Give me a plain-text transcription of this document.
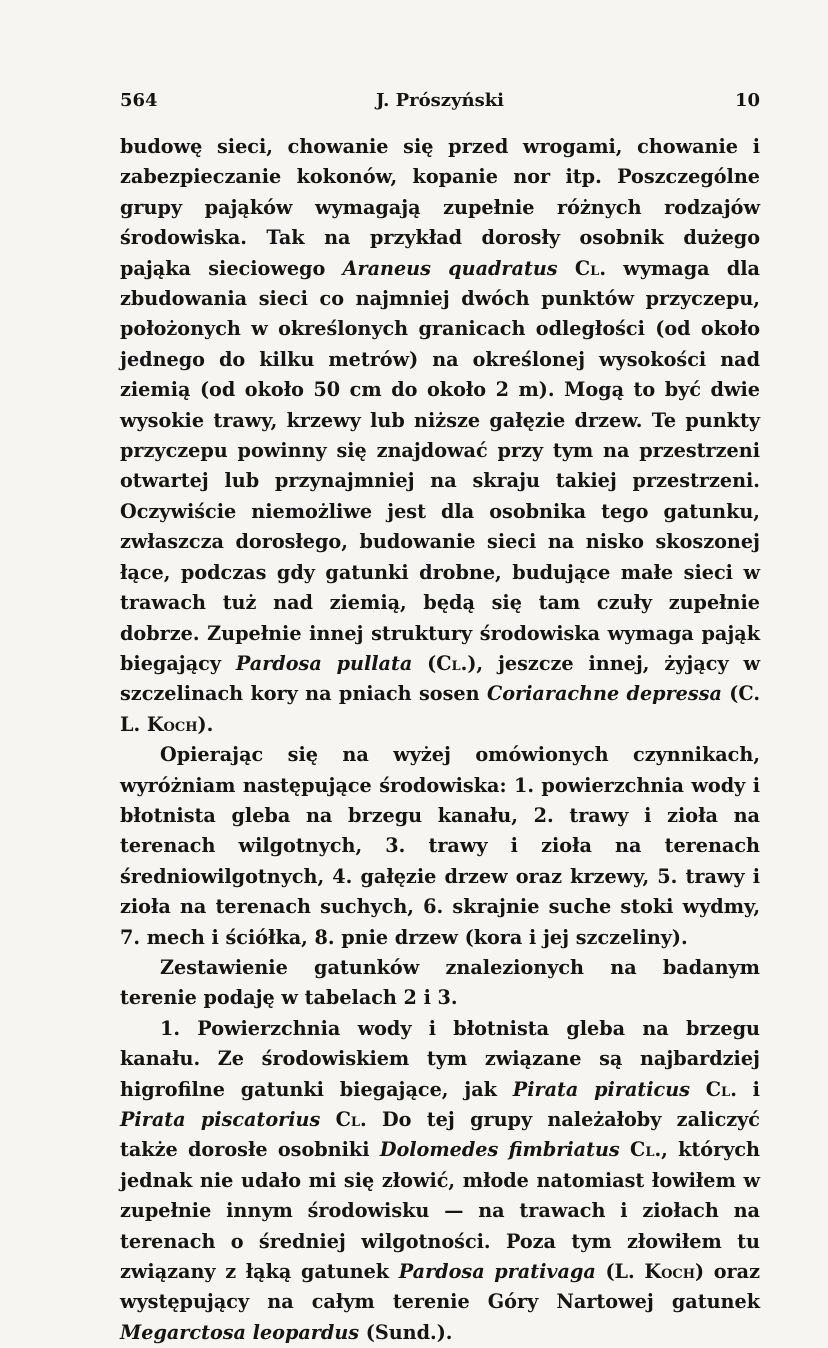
564	J. Prószyński	10

budowę sieci, chowanie się przed wrogami, chowanie i zabezpieczanie kokonów, kopanie nor itp. Poszczególne grupy pająków wymagają zupełnie różnych rodzajów środowiska. Tak na przykład dorosły osobnik dużego pająka sieciowego Araneus quadratus Cl. wymaga dla zbudowania sieci co najmniej dwóch punktów przyczepu, położonych w określonych granicach odległości (od około jednego do kilku metrów) na określonej wysokości nad ziemią (od około 50 cm do około 2 m). Mogą to być dwie wysokie trawy, krzewy lub niższe gałęzie drzew. Te punkty przyczepu powinny się znajdować przy tym na przestrzeni otwartej lub przynajmniej na skraju takiej przestrzeni. Oczywiście niemożliwe jest dla osobnika tego gatunku, zwłaszcza dorosłego, budowanie sieci na nisko skoszonej łące, podczas gdy gatunki drobne, budujące małe sieci w trawach tuż nad ziemią, będą się tam czuły zupełnie dobrze. Zupełnie innej struktury środowiska wymaga pająk biegający Pardosa pullata (Cl.), jeszcze innej, żyjący w szczelinach kory na pniach sosen Coriarachne depressa (C. L. Koch).

Opierając się na wyżej omówionych czynnikach, wyróżniam następujące środowiska: 1. powierzchnia wody i błotnista gleba na brzegu kanału, 2. trawy i zioła na terenach wilgotnych, 3. trawy i zioła na terenach średniowilgotnych, 4. gałęzie drzew oraz krzewy, 5. trawy i zioła na terenach suchych, 6. skrajnie suche stoki wydmy, 7. mech i ściółka, 8. pnie drzew (kora i jej szczeliny).

Zestawienie gatunków znalezionych na badanym terenie podaję w tabelach 2 i 3.

1. Powierzchnia wody i błotnista gleba na brzegu kanału. Ze środowiskiem tym związane są najbardziej higrofilne gatunki biegające, jak Pirata piraticus Cl. i Pirata piscatorius Cl. Do tej grupy należałoby zaliczyć także dorosłe osobniki Dolomedes fimbriatus Cl., których jednak nie udało mi się złowić, młode natomiast łowiłem w zupełnie innym środowisku — na trawach i ziołach na terenach o średniej wilgotności. Poza tym złowiłem tu związany z łąką gatunek Pardosa prativaga (L. Koch) oraz występujący na całym terenie Góry Nartowej gatunek Megarctosa leopardus (Sund.).
